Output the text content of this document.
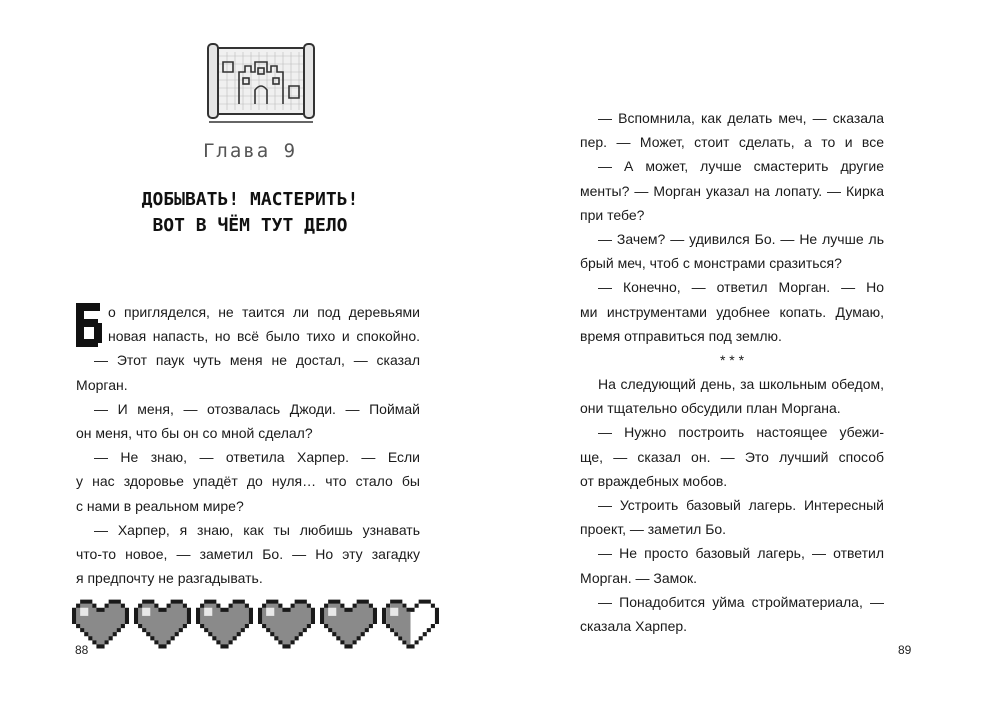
Глава 9
ДОБЫВАТЬ! МАСТЕРИТЬ!
ВОТ В ЧЁМ ТУТ ДЕЛО
Б
о пригляделся, не таится ли под деревьями
новая напасть, но всё было тихо и спокойно.
— Этот паук чуть меня не достал, — сказал
Морган.
— И меня, — отозвалась Джоди. — Поймай
он меня, что бы он со мной сделал?
— Не знаю, — ответила Харпер. — Если
у нас здоровье упадёт до нуля… что стало бы
с нами в реальном мире?
— Харпер, я знаю, как ты любишь узнавать
что-то новое, — заметил Бо. — Но эту загадку
я предпочту не разгадывать.
88
— Вспомнила, как делать меч, — сказала
пер. — Может, стоит сделать, а то и все
— А может, лучше смастерить другие
менты? — Морган указал на лопату. — Кирка
при тебе?
— Зачем? — удивился Бо. — Не лучше ль
брый меч, чтоб с монстрами сразиться?
— Конечно, — ответил Морган. — Но
ми инструментами удобнее копать. Думаю,
время отправиться под землю.
* * *
На следующий день, за школьным обедом,
они тщательно обсудили план Моргана.
— Нужно построить настоящее убежи-
ще, — сказал он. — Это лучший способ
от враждебных мобов.
— Устроить базовый лагерь. Интересный
проект, — заметил Бо.
— Не просто базовый лагерь, — ответил
Морган. — Замок.
— Понадобится уйма стройматериала, —
сказала Харпер.
89
